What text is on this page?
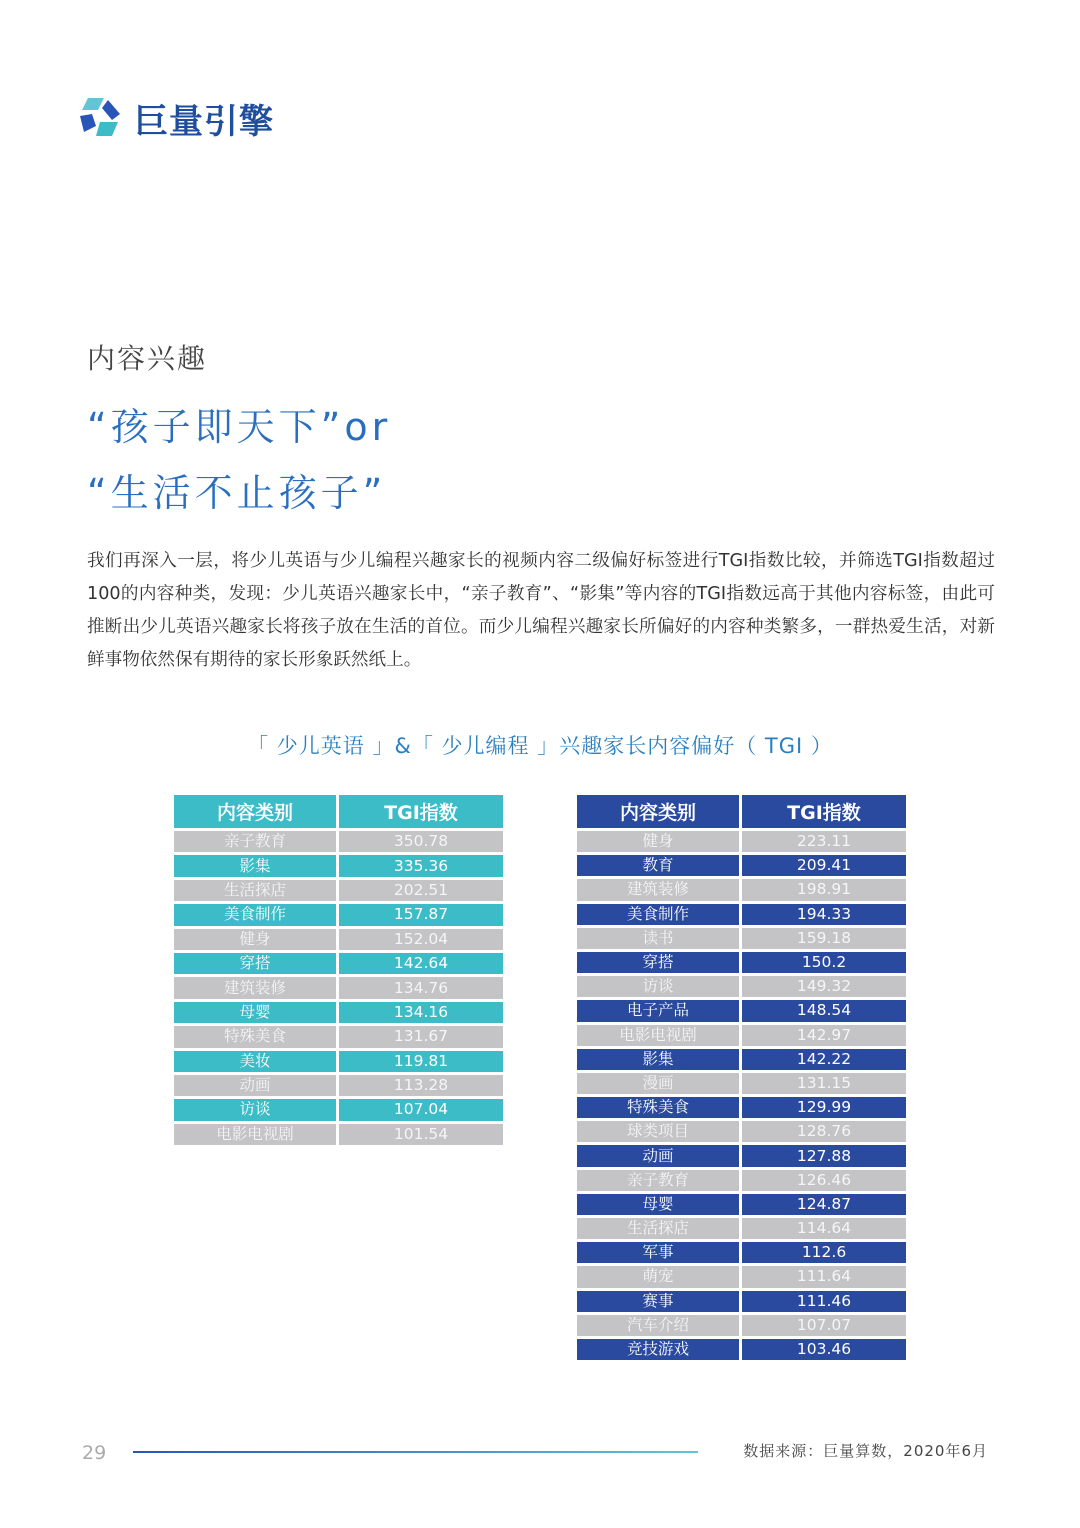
巨量引擎
内容兴趣
“孩子即天下”or
“生活不止孩子”

我们再深入一层，将少儿英语与少儿编程兴趣家长的视频内容二级偏好标签进行TGI指数比较，并筛选TGI指数超过100的内容种类，发现：少儿英语兴趣家长中，“亲子教育”、“影集”等内容的TGI指数远高于其他内容标签，由此可推断出少儿英语兴趣家长将孩子放在生活的首位。而少儿编程兴趣家长所偏好的内容种类繁多，一群热爱生活，对新鲜事物依然保有期待的家长形象跃然纸上。

「 少儿英语 」&「 少儿编程 」兴趣家长内容偏好（ TGI ）
内容类别	TGI指数
亲子教育	350.78
影集	335.36
生活探店	202.51
美食制作	157.87
健身	152.04
穿搭	142.64
建筑装修	134.76
母婴	134.16
特殊美食	131.67
美妆	119.81
动画	113.28
访谈	107.04
电影电视剧	101.54
内容类别	TGI指数
健身	223.11
教育	209.41
建筑装修	198.91
美食制作	194.33
读书	159.18
穿搭	150.2
访谈	149.32
电子产品	148.54
电影电视剧	142.97
影集	142.22
漫画	131.15
特殊美食	129.99
球类项目	128.76
动画	127.88
亲子教育	126.46
母婴	124.87
生活探店	114.64
军事	112.6
萌宠	111.64
赛事	111.46
汽车介绍	107.07
竞技游戏	103.46
29	数据来源：巨量算数，2020年6月
